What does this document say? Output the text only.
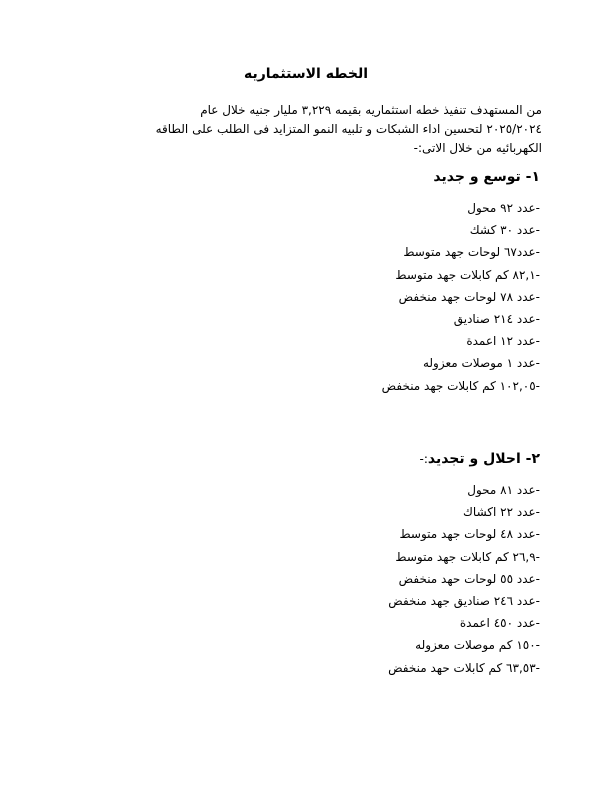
الخطه الاستثماريه

من المستهدف تنفيذ خطه استثماريه بقيمه ٣,٢٢٩ مليار جنيه خلال عام

٢٠٢٥/٢٠٢٤ لتحسين اداء الشبكات و تلبيه النمو المتزايد فى الطلب على الطاقه

الكهربائيه من خلال الاتى:-

١- توسع و جديد
-عدد ٩٢ محول
-عدد ٣٠ كشك
-عدد٦٧ لوحات جهد متوسط
-٨٢,١ كم كابلات جهد متوسط
-عدد ٧٨ لوحات جهد منخفض
-عدد ٢١٤ صناديق
-عدد ١٢ اعمدة
-عدد ١ موصلات معزوله
-١٠٢,٠٥ كم كابلات جهد منخفض
٢- احلال و تجديد:-
-عدد ٨١ محول
-عدد ٢٢ اكشاك
-عدد ٤٨ لوحات جهد متوسط
-٢٦,٩ كم كابلات جهد متوسط
-عدد ٥٥ لوحات حهد منخفض
-عدد ٢٤٦ صناديق جهد منخفض
-عدد ٤٥٠ اعمدة
-١٥٠ كم موصلات معزوله
-٦٣,٥٣ كم كابلات حهد منخفض
